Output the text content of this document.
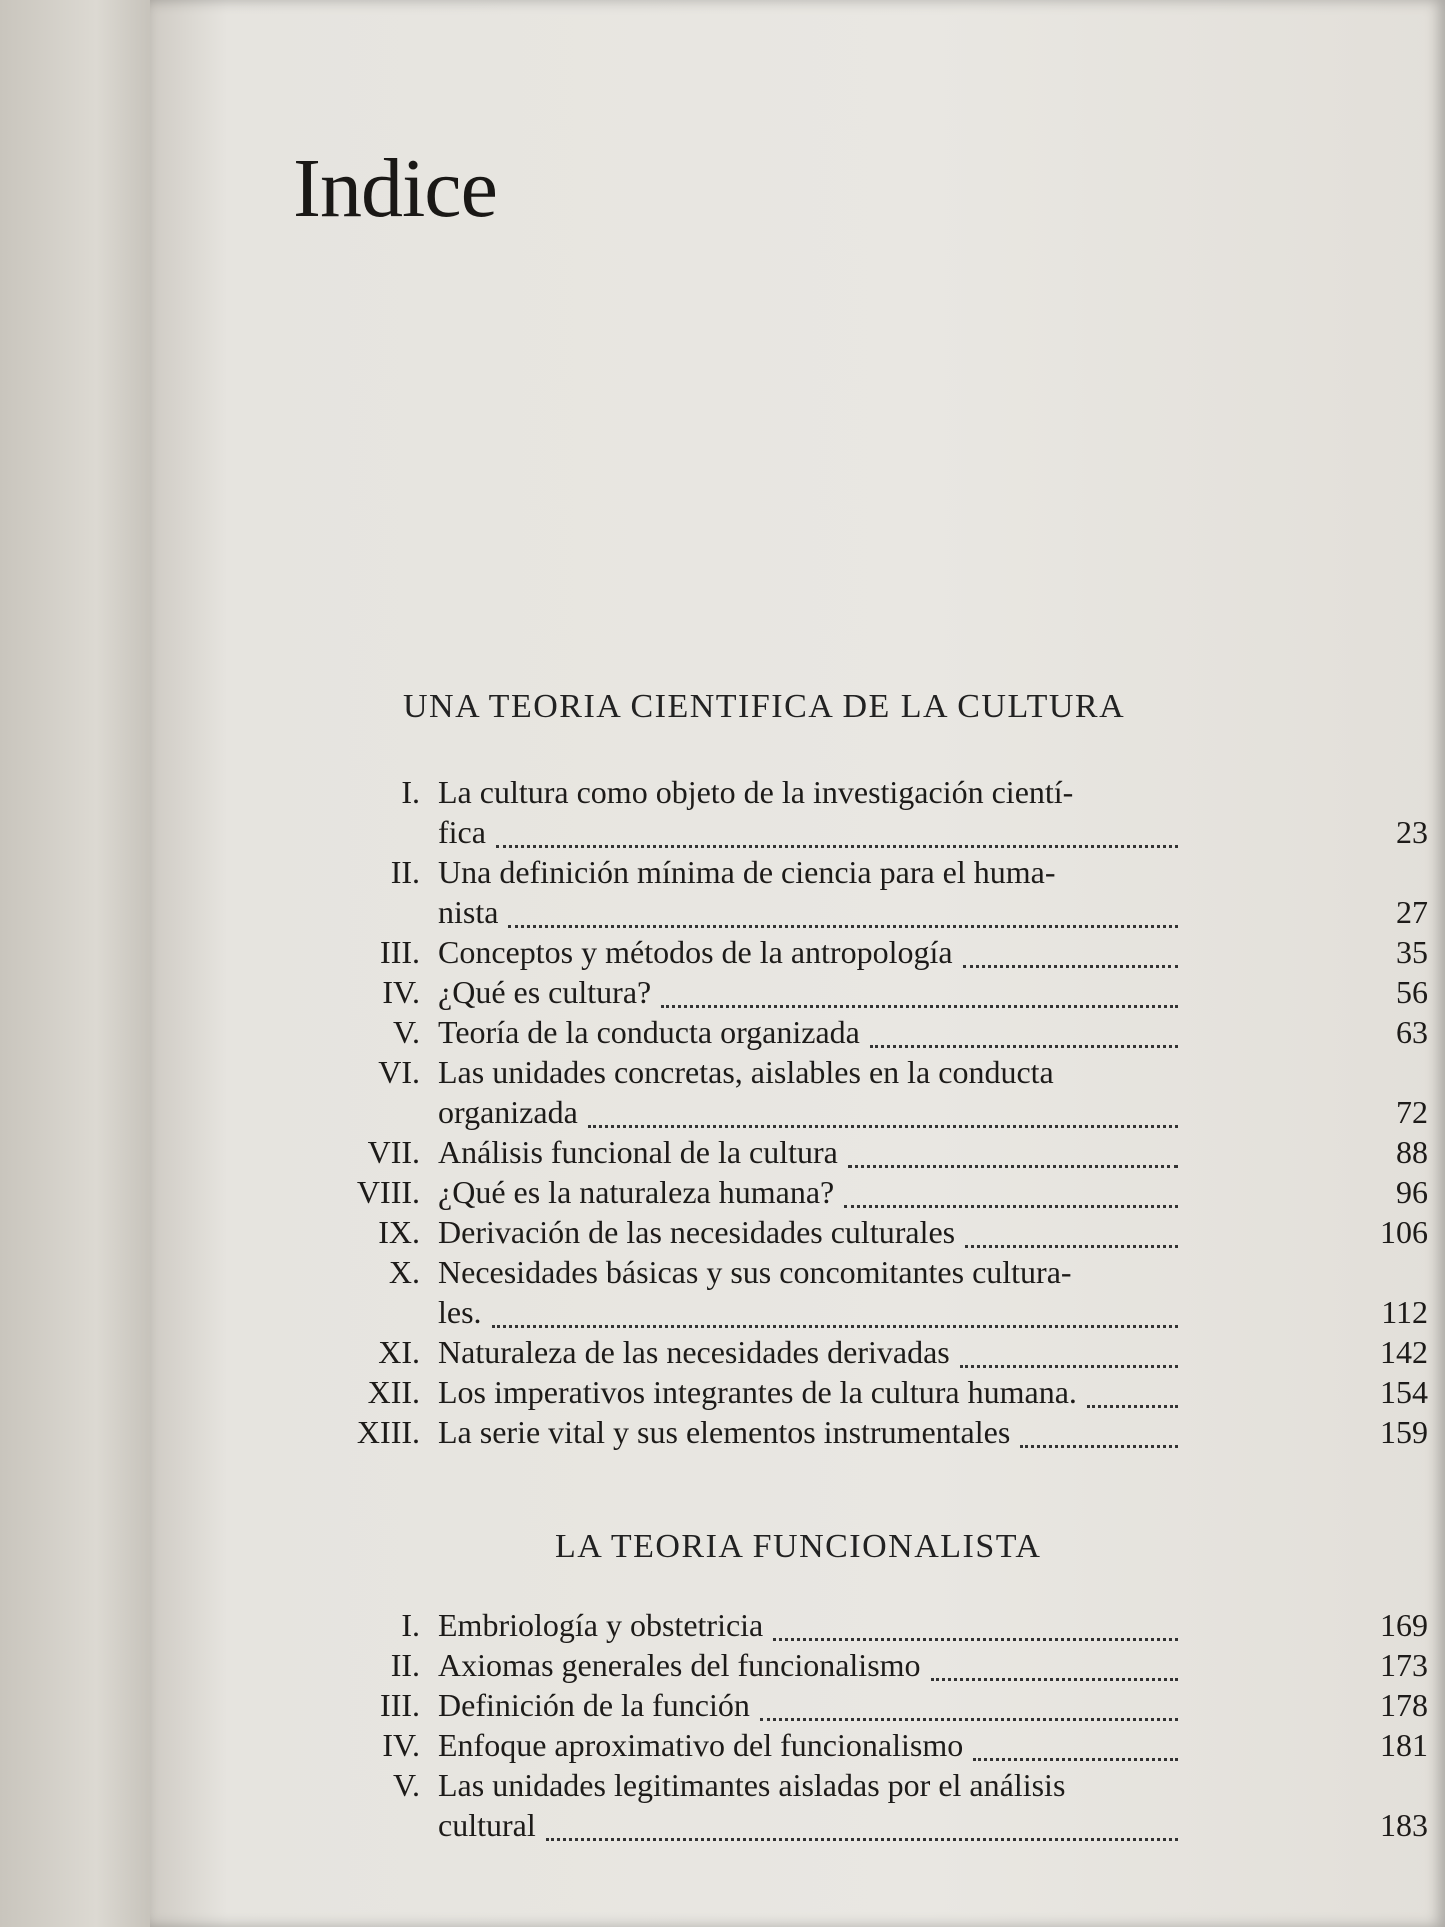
Indice
UNA TEORIA CIENTIFICA DE LA CULTURA
I. La cultura como objeto de la investigación cientí-
fica	23
II. Una definición mínima de ciencia para el huma-
nista	27
III. Conceptos y métodos de la antropología	35
IV. ¿Qué es cultura?	56
V. Teoría de la conducta organizada	63
VI. Las unidades concretas, aislables en la conducta
organizada	72
VII. Análisis funcional de la cultura	88
VIII. ¿Qué es la naturaleza humana?	96
IX. Derivación de las necesidades culturales	106
X. Necesidades básicas y sus concomitantes cultura-
les.	112
XI. Naturaleza de las necesidades derivadas	142
XII. Los imperativos integrantes de la cultura humana.	154
XIII. La serie vital y sus elementos instrumentales	159
LA TEORIA FUNCIONALISTA
I. Embriología y obstetricia	169
II. Axiomas generales del funcionalismo	173
III. Definición de la función	178
IV. Enfoque aproximativo del funcionalismo	181
V. Las unidades legitimantes aisladas por el análisis
cultural	183
